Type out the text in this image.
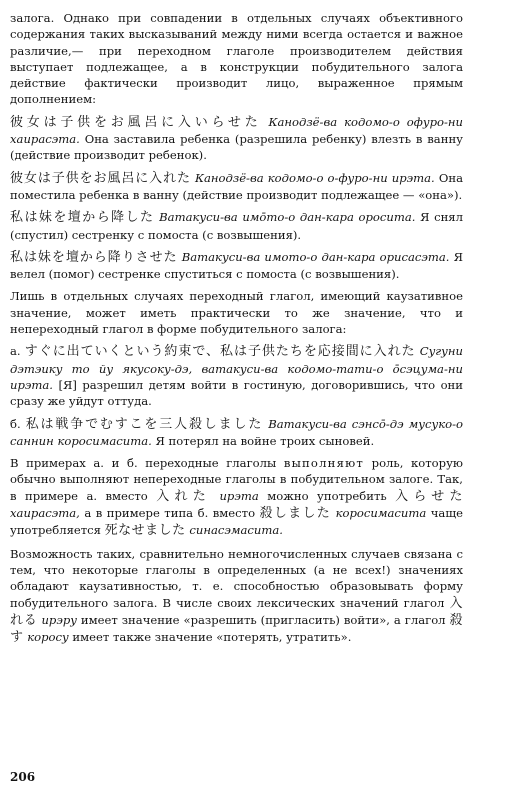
залога. Однако при совпадении в отдельных случаях объективного содержания таких высказываний между ними всегда остается и важное различие,— при переходном глаголе производителем действия выступает подлежащее, а в конструкции побудительного залога действие фактически производит лицо, выраженное прямым дополнением:

彼女は子供をお風呂に入いらせた Канодзё-ва кодомо-о офуро-ни хаираcэта. Она заставила ребенка (разрешила ребенку) влезть в ванну (действие производит ребенок).

彼女は子供をお風呂に入れた Канодзё-ва кодомо-о о-фуро-ни ирэта. Она поместила ребенка в ванну (действие производит подлежащее — «она»).

私は妹を壇から降した Ватакуси-ва имо̄то-о дан-кара оросита. Я снял (спустил) сестренку с помоста (с возвышения).

私は妹を壇から降りさせた Ватакуси-ва имото-о дан-кара орисасэта. Я велел (помог) сестренке спуститься с помоста (с возвышения).

Лишь в отдельных случаях переходный глагол, имеющий каузативное значение, может иметь практически то же значение, что и непереходный глагол в форме побудительного залога:

а. すぐに出ていくという約束で、私は子供たちを応接間に入れた Сугуни дэтэику то йу якусоку-дэ, ватакуси-ва кодомо-тати-о о̄сэцума-ни ирэта. [Я] разрешил детям войти в гостиную, договорившись, что они сразу же уйдут оттуда.

б. 私は戦争でむすこを三人殺しました Ватакуси-ва сэнсо̄-дэ мусуко-о саннин коросимасита. Я потерял на войне трoих сыновей.

В примерах а. и б. переходные глаголы выполняют роль, которую обычно выполняют непереходные глаголы в побудительном залоге. Так, в примере а. вместо 入れた ирэта можно употребить 入らせた хаирасэта, а в примере типа б. вместо 殺しました коросимасита чаще употребляется 死なせました синасэмасита.

Возможность таких, сравнительно немногочисленных случаев связана с тем, что некоторые глаголы в определенных (а не всех!) значениях обладают каузативностью, т. е. способностью образовывать форму побудительного залога. В числе своих лексических значений глагол 入れる ирэру имеет значение «разрешить (пригласить) войти», а глагол 殺す коросу имеет также значение «потерять, утратить».

206
